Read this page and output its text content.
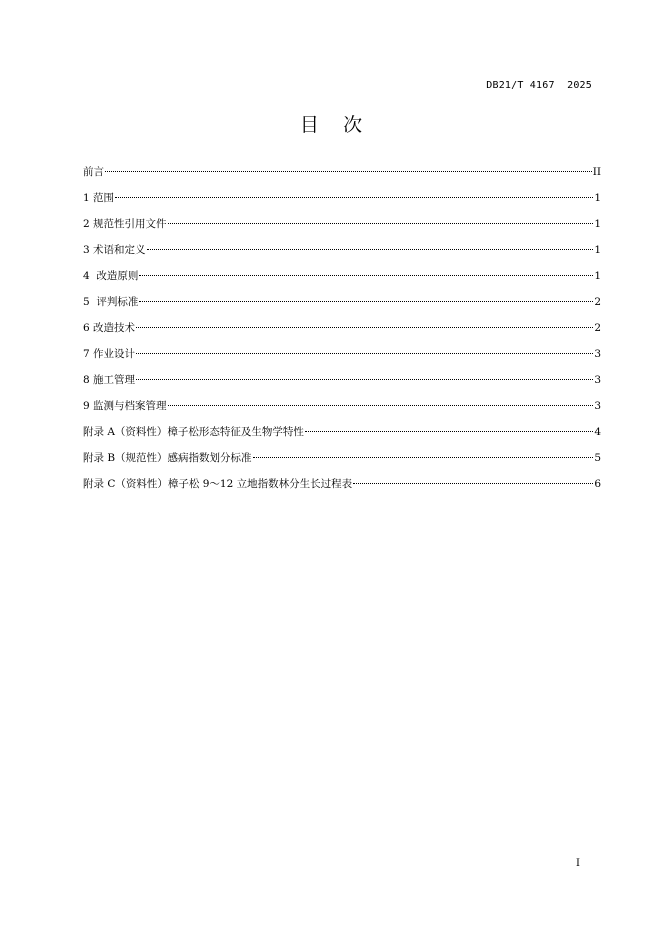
DB21/T 4167  2025
目    次
前言	II
1 范围	1
2 规范性引用文件	1
3 术语和定义	1
4  改造原则	1
5  评判标准	2
6 改造技术	2
7 作业设计	3
8 施工管理	3
9 监测与档案管理	3
附录 A（资料性）樟子松形态特征及生物学特性	4
附录 B（规范性）感病指数划分标准	5
附录 C（资料性）樟子松 9～12 立地指数林分生长过程表	6
I
